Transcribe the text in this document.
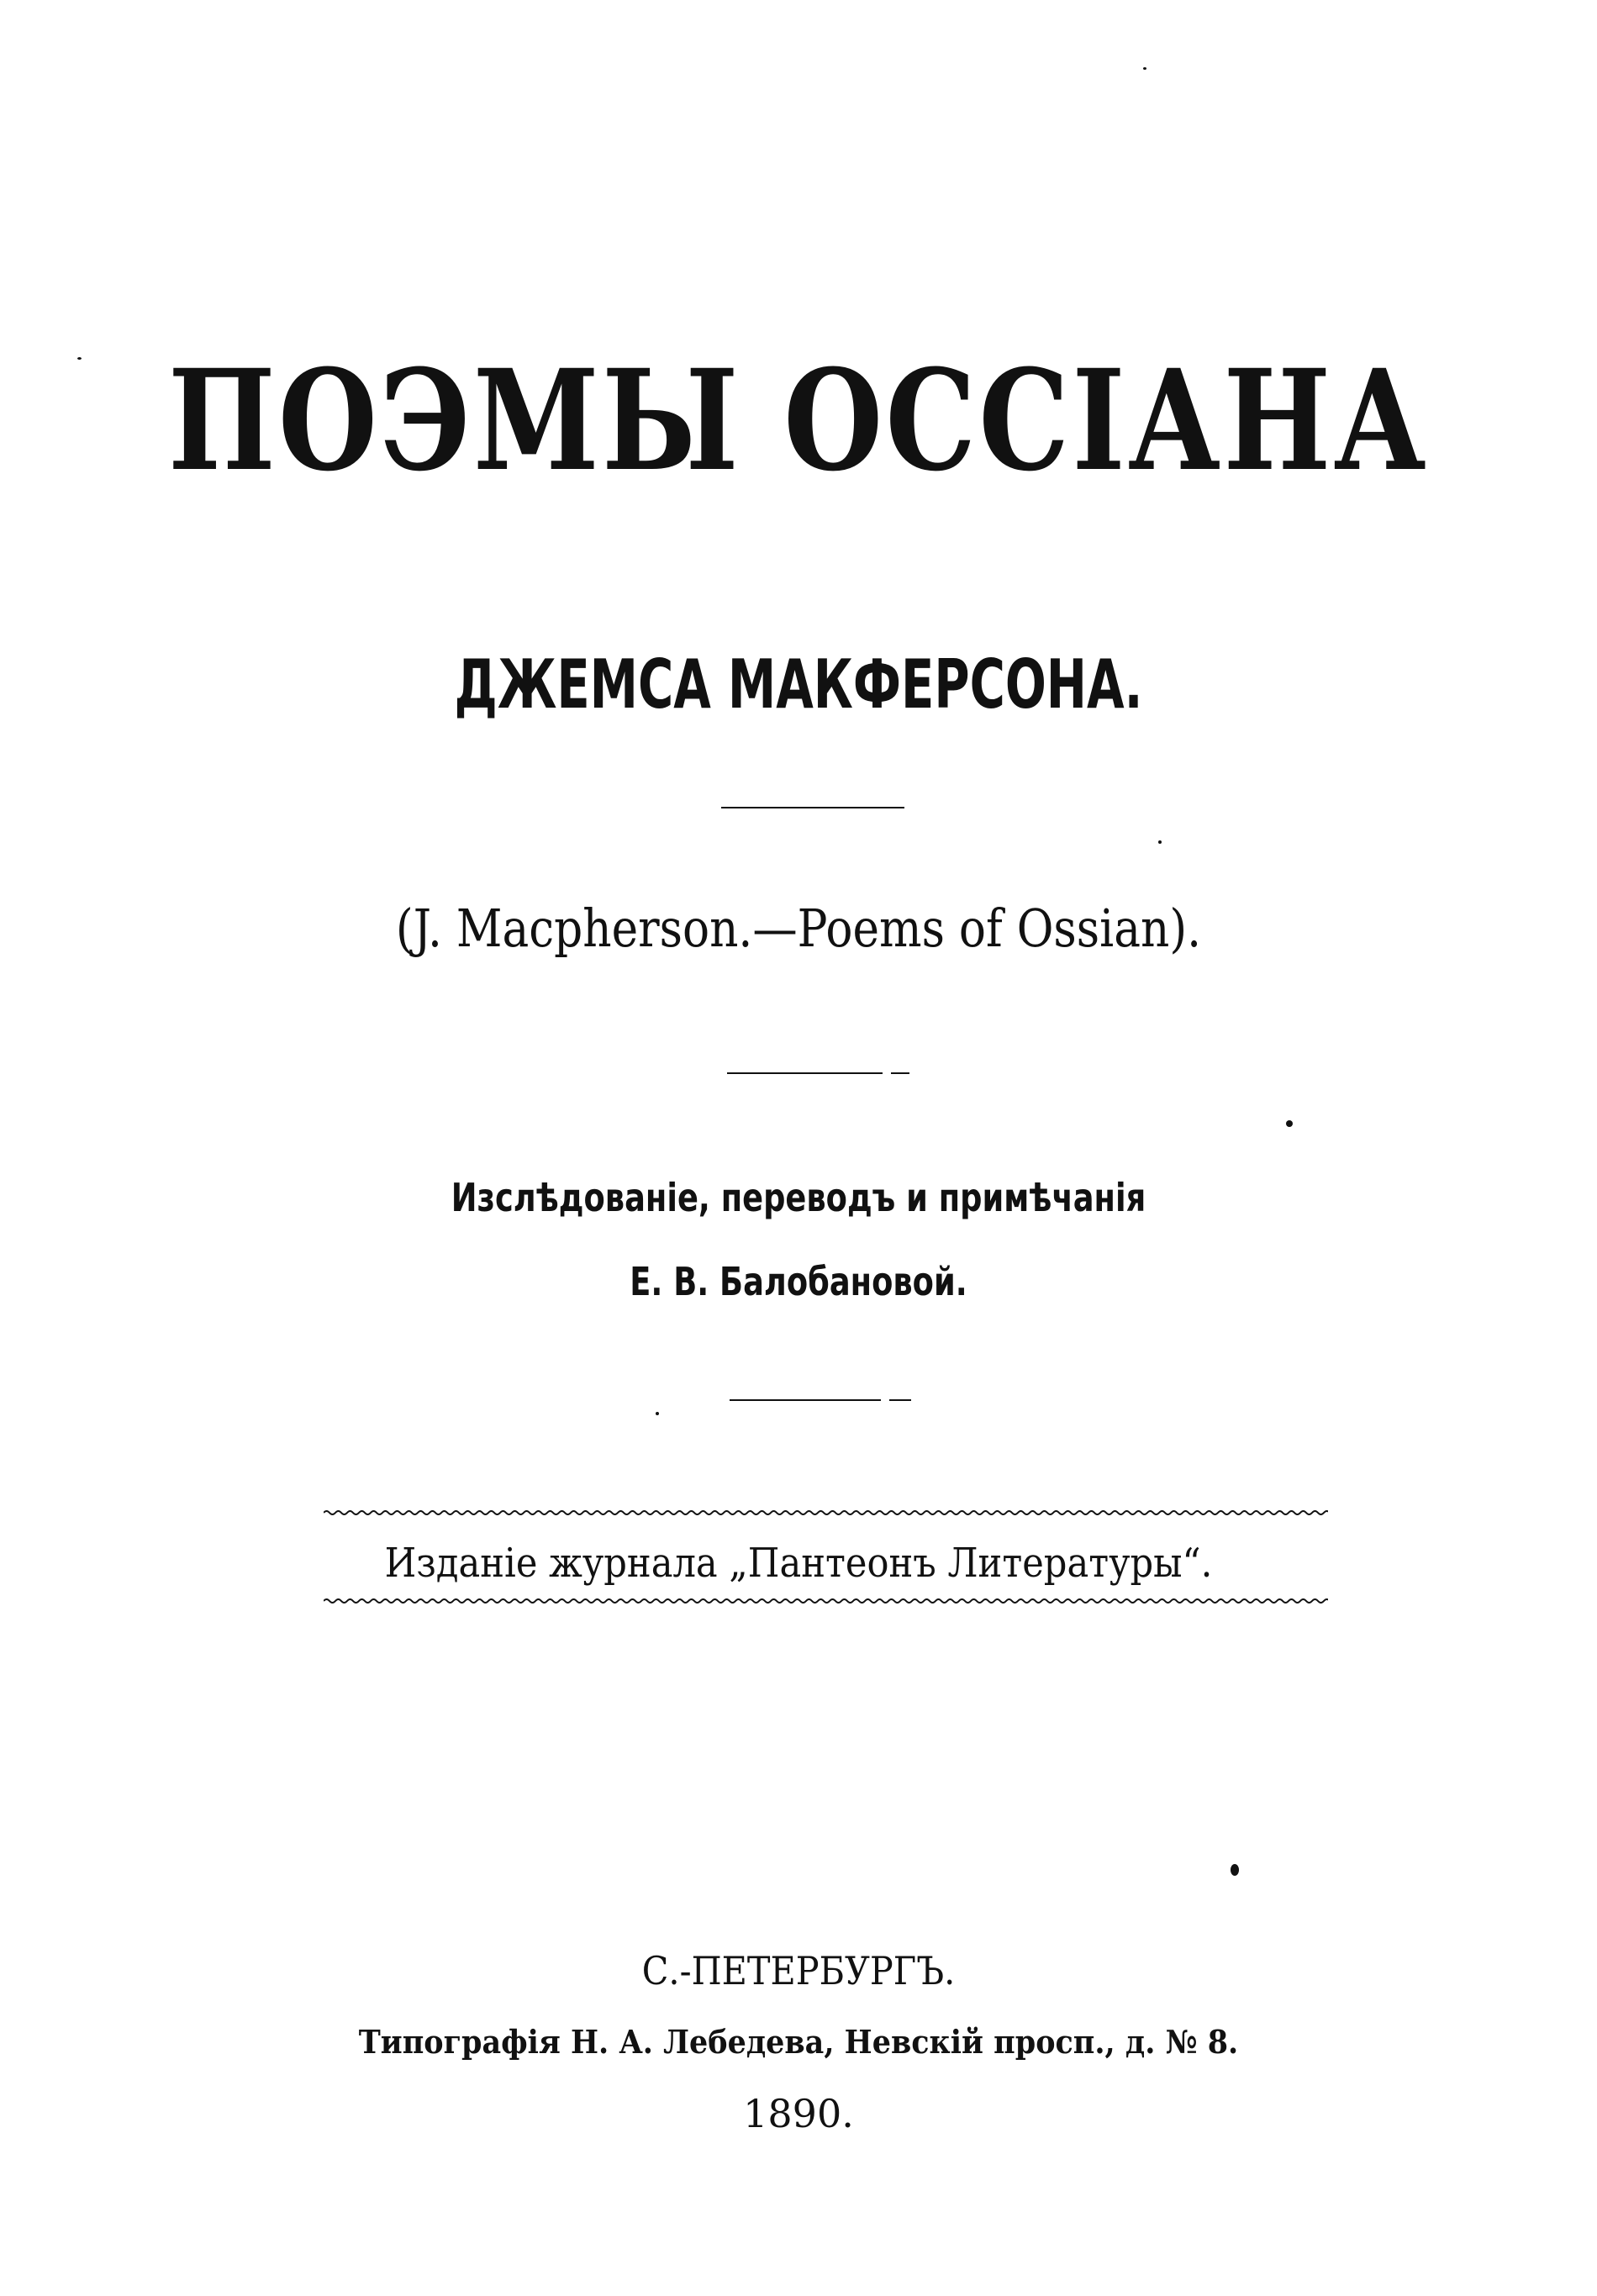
ПОЭМЫ ОССІАНА
ДЖЕМСА МАКФЕРСОНА.

(J. Macpherson.—Poems of Ossian).

Изслѣдованіе, переводъ и примѣчанія

Е. В. Балобановой.

Изданіе журнала „Пантеонъ Литературы“.

С.-ПЕТЕРБУРГЪ.

Типографія Н. А. Лебедева, Невскій просп., д. № 8.

1890.
